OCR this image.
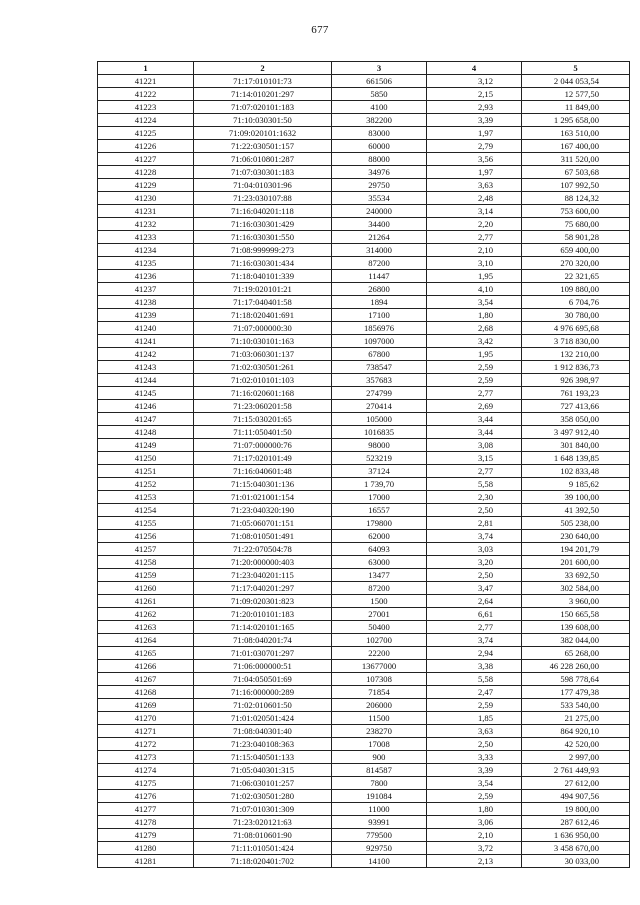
677
1	2	3	4	5
41221	71:17:010101:73	661506	3,12	2 044 053,54
41222	71:14:010201:297	5850	2,15	12 577,50
41223	71:07:020101:183	4100	2,93	11 849,00
41224	71:10:030301:50	382200	3,39	1 295 658,00
41225	71:09:020101:1632	83000	1,97	163 510,00
41226	71:22:030501:157	60000	2,79	167 400,00
41227	71:06:010801:287	88000	3,56	311 520,00
41228	71:07:030301:183	34976	1,97	67 503,68
41229	71:04:010301:96	29750	3,63	107 992,50
41230	71:23:030107:88	35534	2,48	88 124,32
41231	71:16:040201:118	240000	3,14	753 600,00
41232	71:16:030301:429	34400	2,20	75 680,00
41233	71:16:030301:550	21264	2,77	58 901,28
41234	71:08:999999:273	314000	2,10	659 400,00
41235	71:16:030301:434	87200	3,10	270 320,00
41236	71:18:040101:339	11447	1,95	22 321,65
41237	71:19:020101:21	26800	4,10	109 880,00
41238	71:17:040401:58	1894	3,54	6 704,76
41239	71:18:020401:691	17100	1,80	30 780,00
41240	71:07:000000:30	1856976	2,68	4 976 695,68
41241	71:10:030101:163	1097000	3,42	3 718 830,00
41242	71:03:060301:137	67800	1,95	132 210,00
41243	71:02:030501:261	738547	2,59	1 912 836,73
41244	71:02:010101:103	357683	2,59	926 398,97
41245	71:16:020601:168	274799	2,77	761 193,23
41246	71:23:060201:58	270414	2,69	727 413,66
41247	71:15:030201:65	105000	3,44	358 050,00
41248	71:11:050401:50	1016835	3,44	3 497 912,40
41249	71:07:000000:76	98000	3,08	301 840,00
41250	71:17:020101:49	523219	3,15	1 648 139,85
41251	71:16:040601:48	37124	2,77	102 833,48
41252	71:15:040301:136	1 739,70	5,58	9 185,62
41253	71:01:021001:154	17000	2,30	39 100,00
41254	71:23:040320:190	16557	2,50	41 392,50
41255	71:05:060701:151	179800	2,81	505 238,00
41256	71:08:010501:491	62000	3,74	230 640,00
41257	71:22:070504:78	64093	3,03	194 201,79
41258	71:20:000000:403	63000	3,20	201 600,00
41259	71:23:040201:115	13477	2,50	33 692,50
41260	71:17:040201:297	87200	3,47	302 584,00
41261	71:09:020301:823	1500	2,64	3 960,00
41262	71:20:010101:183	27001	6,61	150 665,58
41263	71:14:020101:165	50400	2,77	139 608,00
41264	71:08:040201:74	102700	3,74	382 044,00
41265	71:01:030701:297	22200	2,94	65 268,00
41266	71:06:000000:51	13677000	3,38	46 228 260,00
41267	71:04:050501:69	107308	5,58	598 778,64
41268	71:16:000000:289	71854	2,47	177 479,38
41269	71:02:010601:50	206000	2,59	533 540,00
41270	71:01:020501:424	11500	1,85	21 275,00
41271	71:08:040301:40	238270	3,63	864 920,10
41272	71:23:040108:363	17008	2,50	42 520,00
41273	71:15:040501:133	900	3,33	2 997,00
41274	71:05:040301:315	814587	3,39	2 761 449,93
41275	71:06:030101:257	7800	3,54	27 612,00
41276	71:02:030501:280	191084	2,59	494 907,56
41277	71:07:010301:309	11000	1,80	19 800,00
41278	71:23:020121:63	93991	3,06	287 612,46
41279	71:08:010601:90	779500	2,10	1 636 950,00
41280	71:11:010501:424	929750	3,72	3 458 670,00
41281	71:18:020401:702	14100	2,13	30 033,00
